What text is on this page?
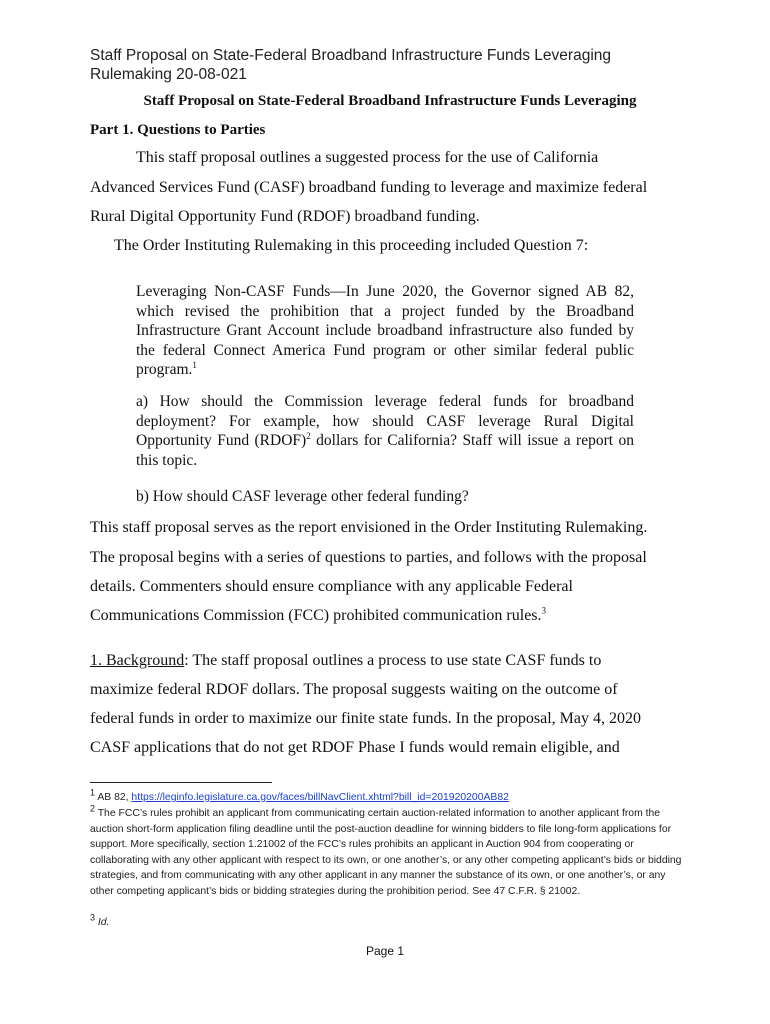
Staff Proposal on State-Federal Broadband Infrastructure Funds Leveraging
Rulemaking 20-08-021
Staff Proposal on State-Federal Broadband Infrastructure Funds Leveraging
Part 1. Questions to Parties
This staff proposal outlines a suggested process for the use of California
Advanced Services Fund (CASF) broadband funding to leverage and maximize federal
Rural Digital Opportunity Fund (RDOF) broadband funding.
The Order Instituting Rulemaking in this proceeding included Question 7:
Leveraging Non-CASF Funds—In June 2020, the Governor signed AB 82, which revised the prohibition that a project funded by the Broadband Infrastructure Grant Account include broadband infrastructure also funded by the federal Connect America Fund program or other similar federal public program.$^1$
a) How should the Commission leverage federal funds for broadband deployment? For example, how should CASF leverage Rural Digital Opportunity Fund (RDOF)$^2$ dollars for California? Staff will issue a report on this topic.
b) How should CASF leverage other federal funding?
This staff proposal serves as the report envisioned in the Order Instituting Rulemaking.
The proposal begins with a series of questions to parties, and follows with the proposal
details. Commenters should ensure compliance with any applicable Federal
Communications Commission (FCC) prohibited communication rules.$^3$
1. Background: The staff proposal outlines a process to use state CASF funds to
maximize federal RDOF dollars. The proposal suggests waiting on the outcome of
federal funds in order to maximize our finite state funds. In the proposal, May 4, 2020
CASF applications that do not get RDOF Phase I funds would remain eligible, and
$^1$ AB 82, https://leginfo.legislature.ca.gov/faces/billNavClient.xhtml?bill_id=201920200AB82
$^2$ The FCC’s rules prohibit an applicant from communicating certain auction-related information to another applicant from the auction short-form application filing deadline until the post-auction deadline for winning bidders to file long-form applications for support. More specifically, section 1.21002 of the FCC’s rules prohibits an applicant in Auction 904 from cooperating or collaborating with any other applicant with respect to its own, or one another’s, or any other competing applicant’s bids or bidding strategies, and from communicating with any other applicant in any manner the substance of its own, or one another’s, or any other competing applicant’s bids or bidding strategies during the prohibition period. See 47 C.F.R. § 21002.
$^3$ Id.
Page 1
